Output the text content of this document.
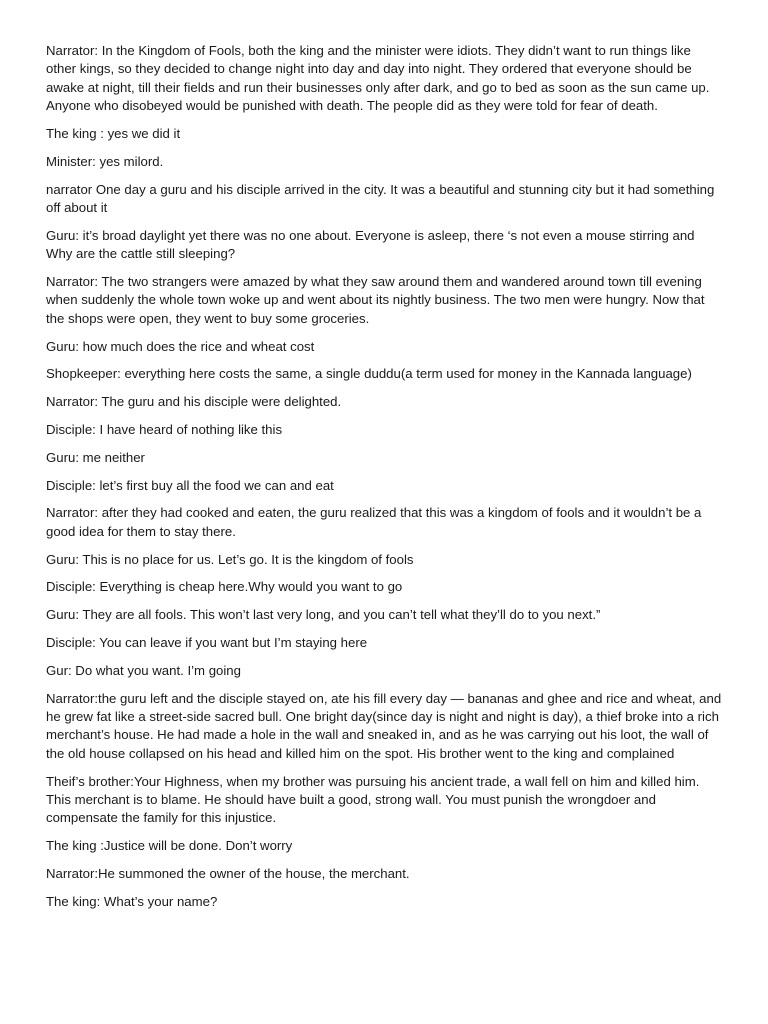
Narrator: In the Kingdom of Fools, both the king and the minister were idiots. They didn’t want to run things like other kings, so they decided to change night into day and day into night. They ordered that everyone should be awake at night, till their fields and run their businesses only after dark, and go to bed as soon as the sun came up. Anyone who disobeyed would be punished with death. The people did as they were told for fear of death.

The king : yes we did it

Minister: yes milord.

narrator One day a guru and his disciple arrived in the city. It was a beautiful and stunning city but it had something off about it

Guru: it’s broad daylight yet there was no one about. Everyone is asleep, there ‘s not even a mouse stirring and Why are the cattle still sleeping?

Narrator: The two strangers were amazed by what they saw around them and wandered around town till evening when suddenly the whole town woke up and went about its nightly business. The two men were hungry. Now that the shops were open, they went to buy some groceries.

Guru: how much does the rice and wheat cost

Shopkeeper: everything here costs the same, a single duddu(a term used for money in the Kannada language)

Narrator: The guru and his disciple were delighted.

Disciple: I have heard of nothing like this

Guru: me neither

Disciple: let’s first buy all the food we can and eat

Narrator: after they had cooked and eaten, the guru realized that this was a kingdom of fools and it wouldn’t be a good idea for them to stay there.

Guru: This is no place for us. Let’s go. It is the kingdom of fools

Disciple: Everything is cheap here.Why would you want to go

Guru: They are all fools. This won’t last very long, and you can’t tell what they’ll do to you next.”

Disciple: You can leave if you want but I’m staying here

Gur: Do what you want. I’m going

Narrator:the guru left and the disciple stayed on, ate his fill every day — bananas and ghee and rice and wheat, and he grew fat like a street-side sacred bull. One bright day(since day is night and night is day), a thief broke into a rich merchant’s house. He had made a hole in the wall and sneaked in, and as he was carrying out his loot, the wall of the old house collapsed on his head and killed him on the spot. His brother went to the king and complained

Theif’s brother:Your Highness, when my brother was pursuing his ancient trade, a wall fell on him and killed him. This merchant is to blame. He should have built a good, strong wall. You must punish the wrongdoer and compensate the family for this injustice.

The king :Justice will be done. Don’t worry

Narrator:He summoned the owner of the house, the merchant.

The king: What’s your name?
